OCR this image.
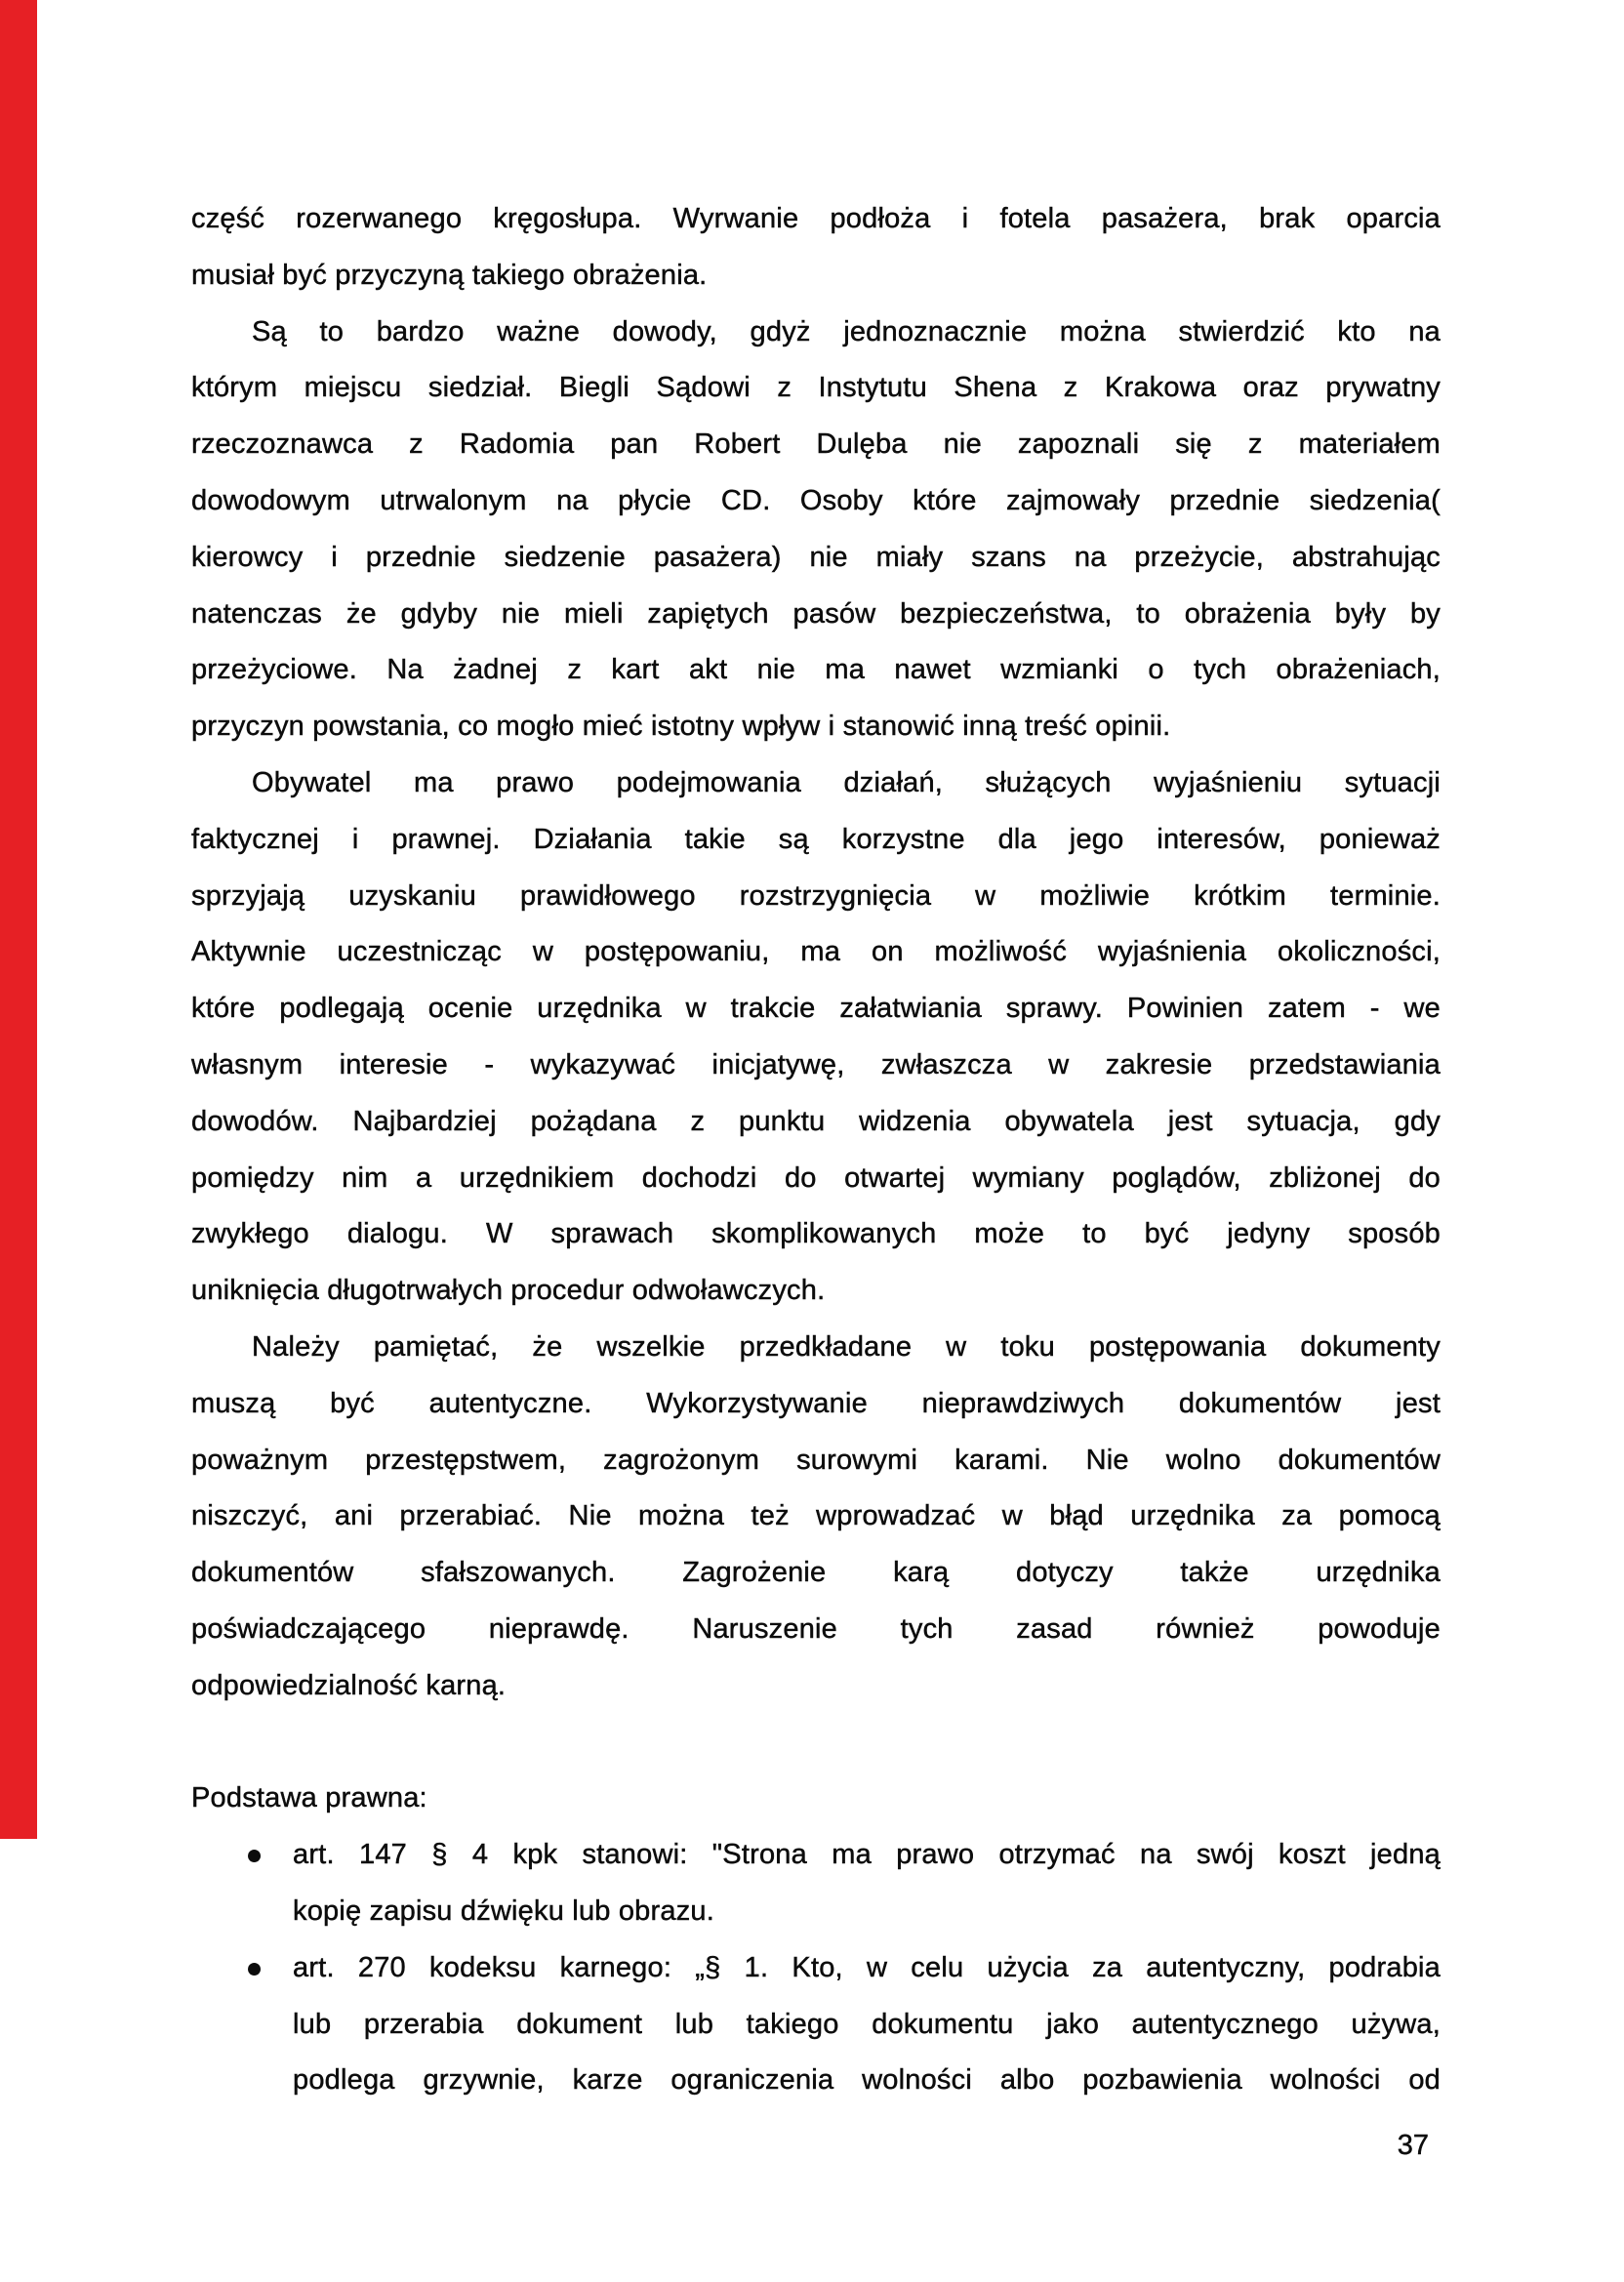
część rozerwanego kręgosłupa. Wyrwanie podłoża i fotela pasażera, brak oparcia
musiał być przyczyną takiego obrażenia.
Są to bardzo ważne dowody, gdyż jednoznacznie można stwierdzić kto na
którym miejscu siedział. Biegli Sądowi z Instytutu Shena z Krakowa oraz prywatny
rzeczoznawca z Radomia pan Robert Dulęba nie zapoznali się z materiałem
dowodowym utrwalonym na płycie CD. Osoby które zajmowały przednie siedzenia(
kierowcy i przednie siedzenie pasażera) nie miały szans na przeżycie, abstrahując
natenczas że gdyby nie mieli zapiętych pasów bezpieczeństwa, to obrażenia były by
przeżyciowe. Na żadnej z kart akt nie ma nawet wzmianki o tych obrażeniach,
przyczyn powstania, co mogło mieć istotny wpływ i stanowić inną treść opinii.
Obywatel ma prawo podejmowania działań, służących wyjaśnieniu sytuacji
faktycznej i prawnej. Działania takie są korzystne dla jego interesów, ponieważ
sprzyjają uzyskaniu prawidłowego rozstrzygnięcia w możliwie krótkim terminie.
Aktywnie uczestnicząc w postępowaniu, ma on możliwość wyjaśnienia okoliczności,
które podlegają ocenie urzędnika w trakcie załatwiania sprawy. Powinien zatem - we
własnym interesie - wykazywać inicjatywę, zwłaszcza w zakresie przedstawiania
dowodów. Najbardziej pożądana z punktu widzenia obywatela jest sytuacja, gdy
pomiędzy nim a urzędnikiem dochodzi do otwartej wymiany poglądów, zbliżonej do
zwykłego dialogu. W sprawach skomplikowanych może to być jedyny sposób
uniknięcia długotrwałych procedur odwoławczych.
Należy pamiętać, że wszelkie przedkładane w toku postępowania dokumenty
muszą być autentyczne. Wykorzystywanie nieprawdziwych dokumentów jest
poważnym przestępstwem, zagrożonym surowymi karami. Nie wolno dokumentów
niszczyć, ani przerabiać. Nie można też wprowadzać w błąd urzędnika za pomocą
dokumentów sfałszowanych. Zagrożenie karą dotyczy także urzędnika
poświadczającego nieprawdę. Naruszenie tych zasad również powoduje
odpowiedzialność karną.
Podstawa prawna:
art. 147 § 4 kpk stanowi: "Strona ma prawo otrzymać na swój koszt jedną
kopię zapisu dźwięku lub obrazu.
art. 270 kodeksu karnego: „§ 1. Kto, w celu użycia za autentyczny, podrabia
lub przerabia dokument lub takiego dokumentu jako autentycznego używa,
podlega grzywnie, karze ograniczenia wolności albo pozbawienia wolności od
37
